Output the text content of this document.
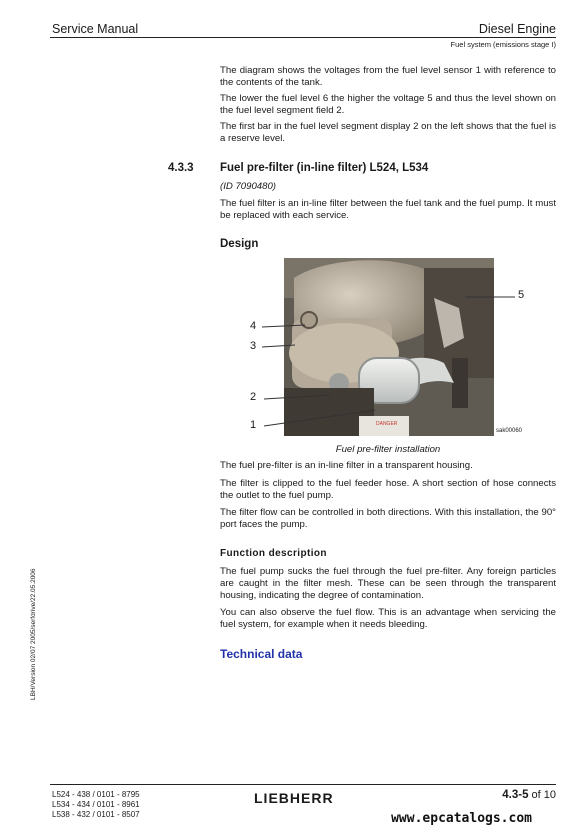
Service Manual	Diesel Engine
Fuel system (emissions stage I)
The diagram shows the voltages from the fuel level sensor 1 with reference to the contents of the tank.
The lower the fuel level 6 the higher the voltage 5 and thus the level shown on the fuel level segment field 2.
The first bar in the fuel level segment display 2 on the left shows that the fuel is a reserve level.
4.3.3 Fuel pre-filter (in-line filter) L524, L534
(ID 7090480)
The fuel filter is an in-line filter between the fuel tank and the fuel pump. It must be replaced with each service.
Design
DANGER
4
3
2
1
5
sak00060
Fuel pre-filter installation
The fuel pre-filter is an in-line filter in a transparent housing.
The filter is clipped to the fuel feeder hose. A short section of hose connects the outlet to the fuel pump.
The filter flow can be controlled in both directions. With this installation, the 90° port faces the pump.
Function description
The fuel pump sucks the fuel through the fuel pre-filter. Any foreign particles are caught in the filter mesh. These can be seen through the transparent housing, indicating the degree of contamination.
You can also observe the fuel flow. This is an advantage when servicing the fuel system, for example when it needs bleeding.
Technical data
LBH/Version 02/07 2005/serfdrive/22.05.2006
L524 - 438 / 0101 - 8795
L534 - 434 / 0101 - 8961
L538 - 432 / 0101 - 8507
LIEBHERR	4.3-5 of 10
www.epcatalogs.com
